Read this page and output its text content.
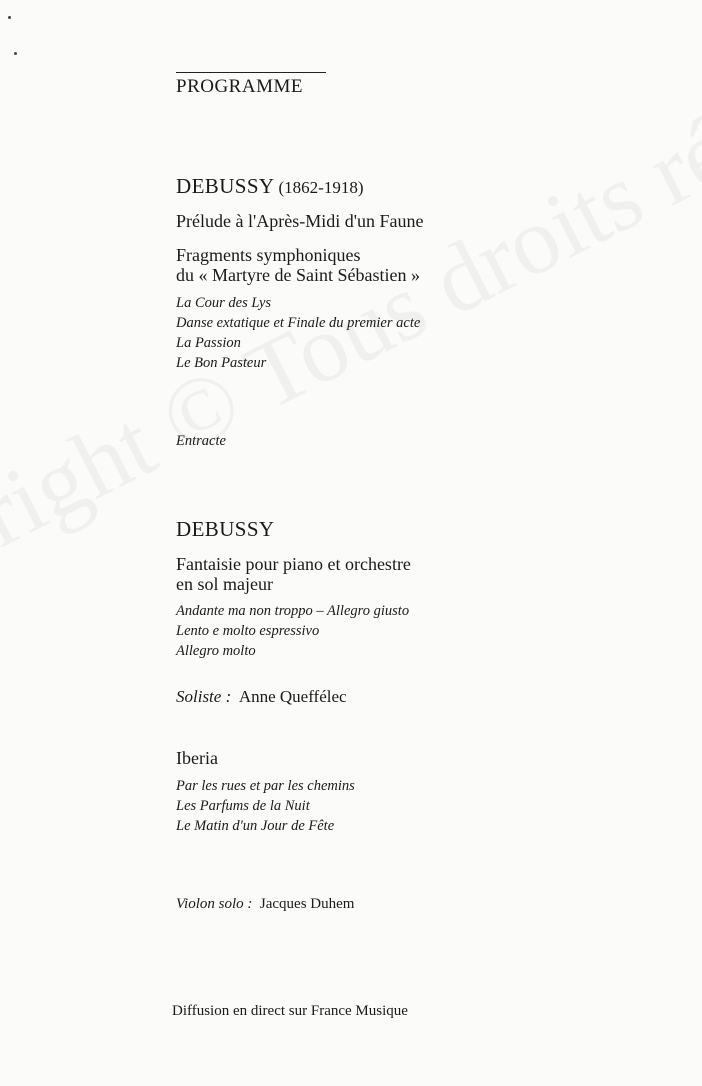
PROGRAMME
DEBUSSY (1862-1918)
Prélude à l'Après-Midi d'un Faune
Fragments symphoniques
du « Martyre de Saint Sébastien »
La Cour des Lys
Danse extatique et Finale du premier acte
La Passion
Le Bon Pasteur
Entracte
DEBUSSY
Fantaisie pour piano et orchestre
en sol majeur
Andante ma non troppo – Allegro giusto
Lento e molto espressivo
Allegro molto
Soliste : Anne Queffélec
Iberia
Par les rues et par les chemins
Les Parfums de la Nuit
Le Matin d'un Jour de Fête
Violon solo : Jacques Duhem
Diffusion en direct sur France Musique
